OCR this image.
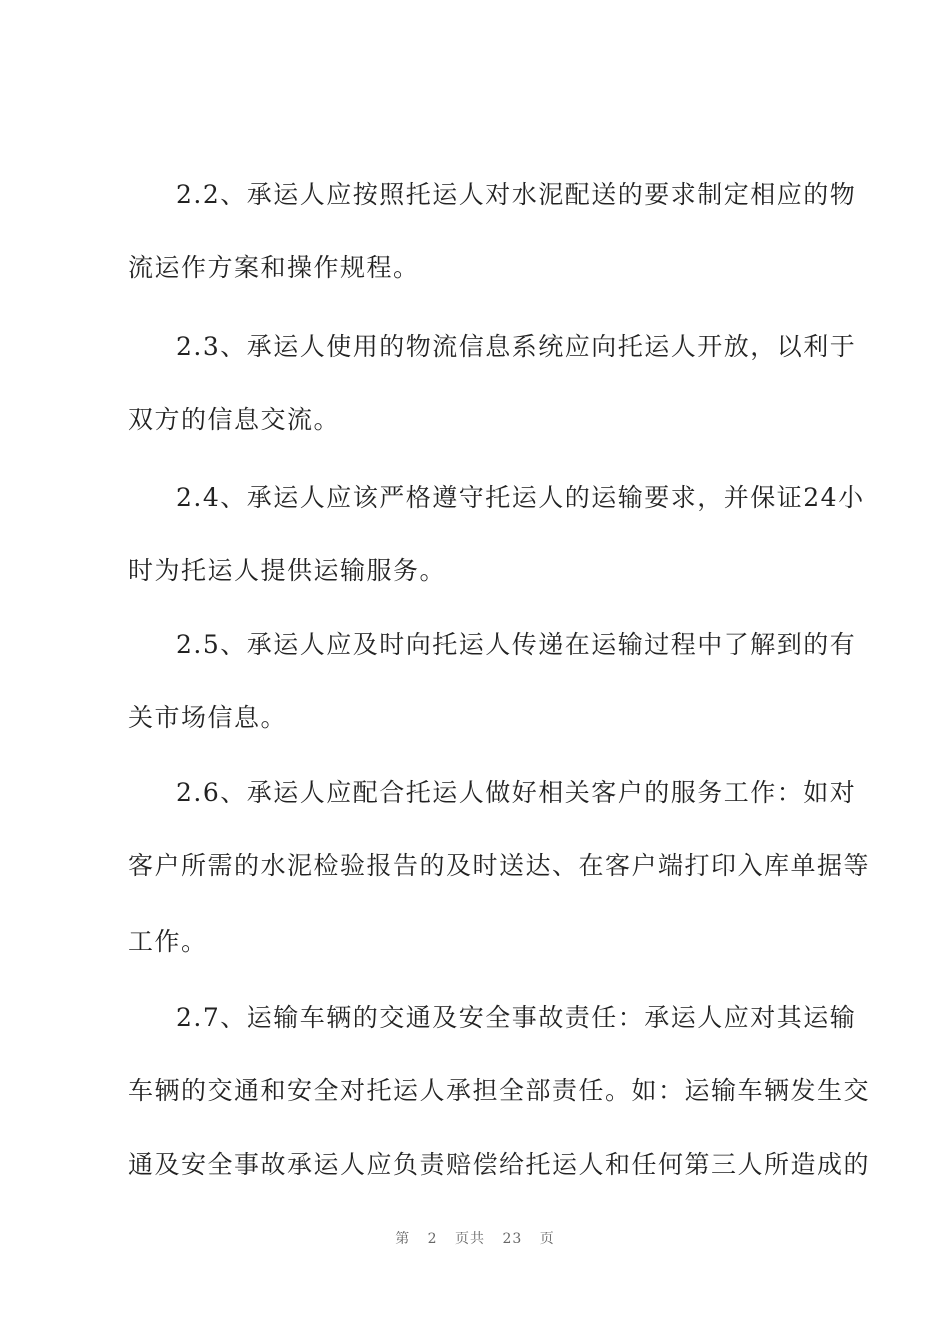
2.2、承运人应按照托运人对水泥配送的要求制定相应的物
流运作方案和操作规程。
2.3、承运人使用的物流信息系统应向托运人开放，以利于
双方的信息交流。
2.4、承运人应该严格遵守托运人的运输要求，并保证24小
时为托运人提供运输服务。
2.5、承运人应及时向托运人传递在运输过程中了解到的有
关市场信息。
2.6、承运人应配合托运人做好相关客户的服务工作：如对
客户所需的水泥检验报告的及时送达、在客户端打印入库单据等
工作。
2.7、运输车辆的交通及安全事故责任：承运人应对其运输
车辆的交通和安全对托运人承担全部责任。如：运输车辆发生交
通及安全事故承运人应负责赔偿给托运人和任何第三人所造成的
第 2 页共 23 页
